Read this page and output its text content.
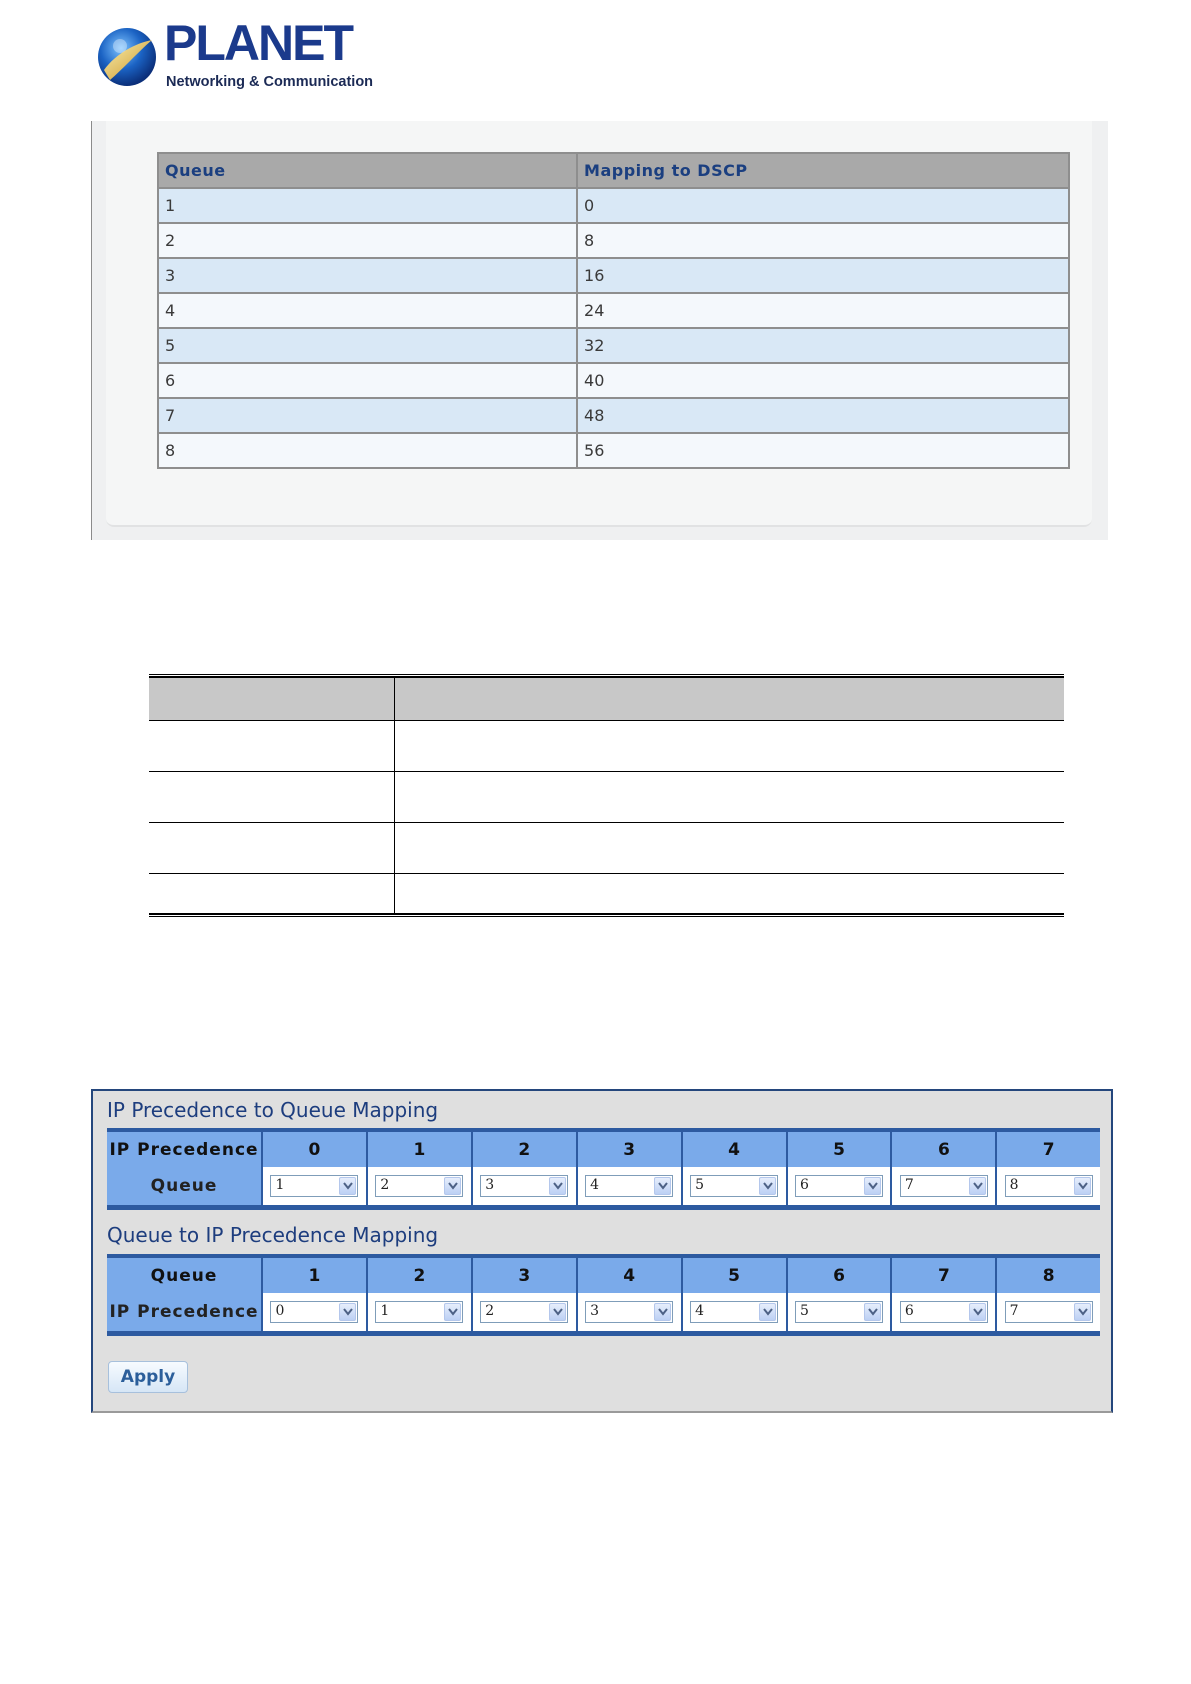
PLANET
Networking & Communication
Queue	Mapping to DSCP
1	0
2	8
3	16
4	24
5	32
6	40
7	48
8	56

IP Precedence to Queue Mapping
IP Precedence	0	1	2	3	4	5	6	7
Queue	1	2	3	4	5	6	7	8
Queue to IP Precedence Mapping
Queue	1	2	3	4	5	6	7	8
IP Precedence	0	1	2	3	4	5	6	7
Apply
